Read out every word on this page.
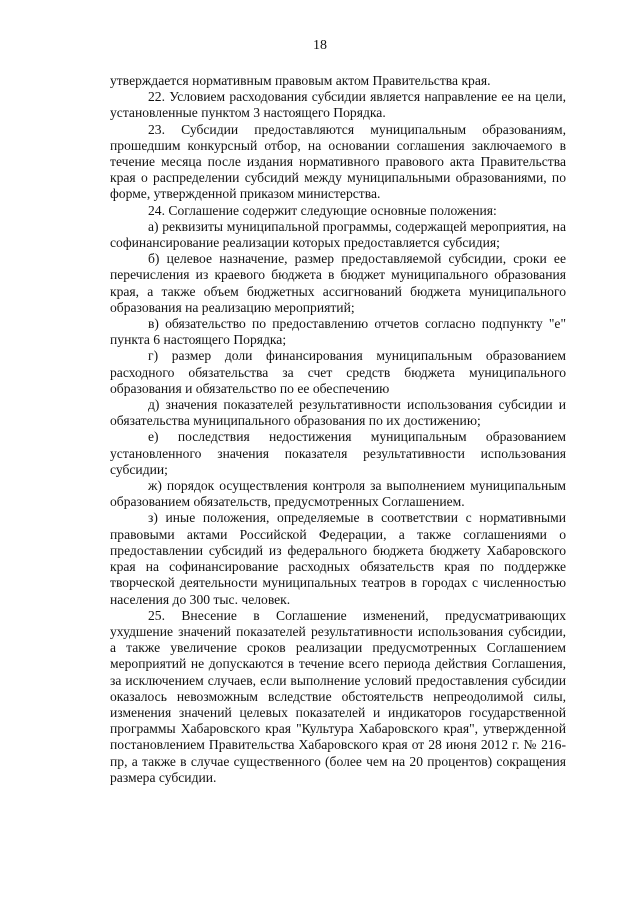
18

утверждается нормативным правовым актом Правительства края.

22. Условием расходования субсидии является направление ее на цели, установленные пунктом 3 настоящего Порядка.

23. Субсидии предоставляются муниципальным образованиям, прошедшим конкурсный отбор, на основании соглашения заключаемого в течение месяца после издания нормативного правового акта Правительства края о распределении субсидий между муниципальными образованиями, по форме, утвержденной приказом министерства.

24. Соглашение содержит следующие основные положения:

а) реквизиты муниципальной программы, содержащей мероприятия, на софинансирование реализации которых предоставляется субсидия;

б) целевое назначение, размер предоставляемой субсидии, сроки ее перечисления из краевого бюджета в бюджет муниципального образования края, а также объем бюджетных ассигнований бюджета муниципального образования на реализацию мероприятий;

в) обязательство по предоставлению отчетов согласно подпункту "е" пункта 6 настоящего Порядка;

г) размер доли финансирования муниципальным образованием расходного обязательства за счет средств бюджета муниципального образования и обязательство по ее обеспечению

д) значения показателей результативности использования субсидии и обязательства муниципального образования по их достижению;

е) последствия недостижения муниципальным образованием установленного значения показателя результативности использования субсидии;

ж) порядок осуществления контроля за выполнением муниципальным образованием обязательств, предусмотренных Соглашением.

з) иные положения, определяемые в соответствии с нормативными правовыми актами Российской Федерации, а также соглашениями о предоставлении субсидий из федерального бюджета бюджету Хабаровского края на софинансирование расходных обязательств края по поддержке творческой деятельности муниципальных театров в городах с численностью населения до 300 тыс. человек.

25. Внесение в Соглашение изменений, предусматривающих ухудшение значений показателей результативности использования субсидии, а также увеличение сроков реализации предусмотренных Соглашением мероприятий не допускаются в течение всего периода действия Соглашения, за исключением случаев, если выполнение условий предоставления субсидии оказалось невозможным вследствие обстоятельств непреодолимой силы, изменения значений целевых показателей и индикаторов государственной программы Хабаровского края "Культура Хабаровского края", утвержденной постановлением Правительства Хабаровского края от 28 июня 2012 г. № 216-пр, а также в случае существенного (более чем на 20 процентов) сокращения размера субсидии.
